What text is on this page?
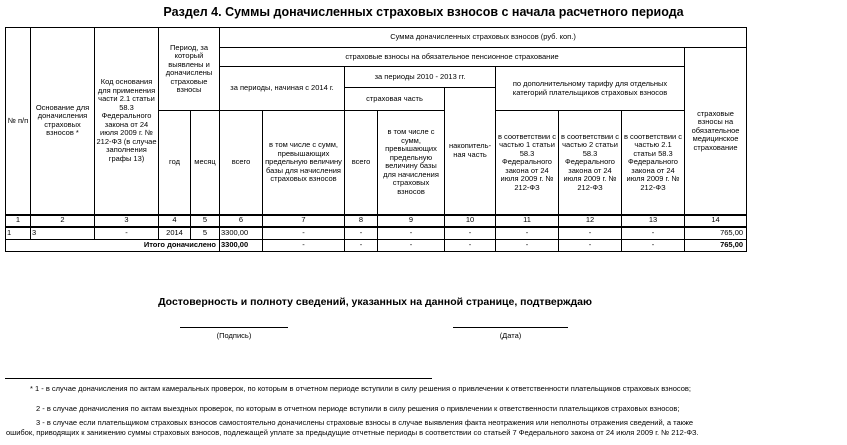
Раздел 4. Суммы доначисленных страховых взносов с начала расчетного периода
№ п/п	Основание для доначисления страховых взносов *	Код основания для применения части 2.1 статьи 58.3 Федерального закона от 24 июля 2009 г. № 212-ФЗ (в случае заполнения графы 13)	Период, за который выявлены и доначислены страховые взносы		Сумма доначисленных страховых взносов (руб. коп.)								
					страховые взносы на обязательное пенсионное страхование								страховые взносы на обязательное медицинское страхование
					за периоды, начиная с 2014 г.		за периоды 2010 - 2013 гг.			по дополнительному тарифу для отдельных категорий плательщиков страховых взносов			
							страховая часть		накопитель-ная часть				
			год	месяц	всего	в том числе с сумм, превышающих предельную величину базы для начисления страховых взносов	всего	в том числе с сумм, превышающих предельную величину базы для начисления страховых взносов		в соответствии с частью 1 статьи 58.3 Федерального закона от 24 июля 2009 г. № 212-ФЗ	в соответствии с частью 2 статьи 58.3 Федерального закона от 24 июля 2009 г. № 212-ФЗ	в соответствии с частью 2.1 статьи 58.3 Федерального закона от 24 июля 2009 г. № 212-ФЗ	
1	2	3	4	5	6	7	8	9	10	11	12	13	14
1	3	-	2014	5	3300,00	-	-	-	-	-	-	-	765,00
Итого доначислено					3300,00	-	-	-	-	-	-	-	765,00
Достоверность и полноту сведений, указанных на данной странице, подтверждаю
(Подпись)	(Дата)
* 1 - в случае доначисления по актам камеральных проверок, по которым в отчетном периоде вступили в силу решения о привлечении к ответственности плательщиков страховых взносов;
2 - в случае доначисления по актам выездных проверок, по которым в отчетном периоде вступили в силу решения о привлечении к ответственности плательщиков страховых взносов;
3 - в случае если плательщиком страховых взносов самостоятельно доначислены страховые взносы в случае выявления факта неотражения или неполноты отражения сведений, а также
ошибок, приводящих к занижению суммы страховых взносов, подлежащей уплате за предыдущие отчетные периоды в соответствии со статьей 7 Федерального закона от 24 июля 2009 г. № 212-ФЗ.
